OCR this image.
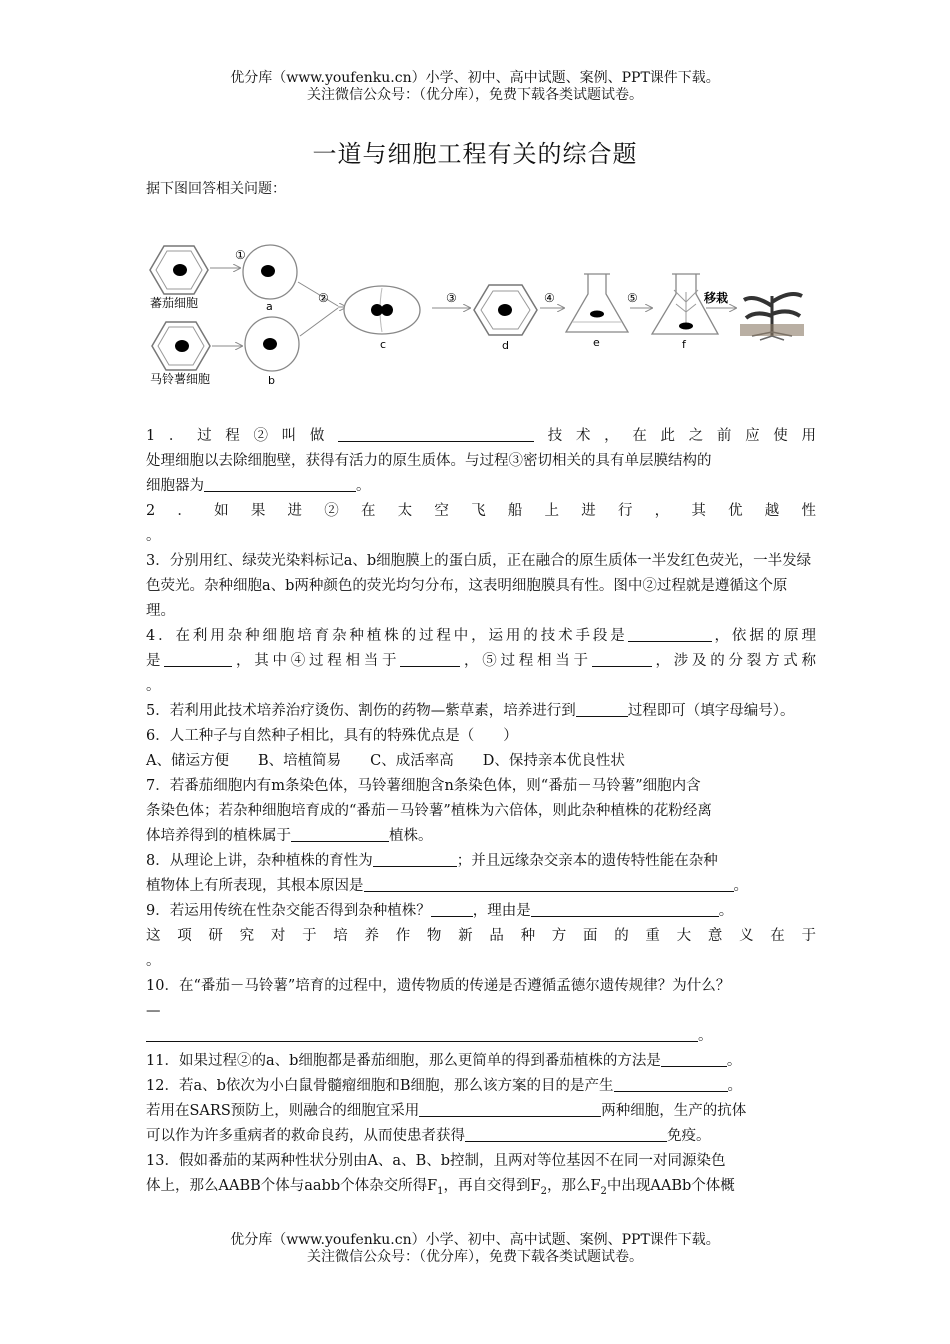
优分库（www.youfenku.cn）小学、初中、高中试题、案例、PPT课件下载。
关注微信公众号：（优分库），免费下载各类试题试卷。
一道与细胞工程有关的综合题
据下图回答相关问题：
蕃茄细胞
马铃薯细胞
①
a
b
②
c
③
d
④
e
⑤
f
移栽

1．过程②叫做	技术，在此之前应使用

处理细胞以去除细胞壁，获得有活力的原生质体。与过程③密切相关的具有单层膜结构的

细胞器为	。

2．如果进②在太空飞船上进行，其优越性

。

3．分别用红、绿荧光染料标记a、b细胞膜上的蛋白质，正在融合的原生质体一半发红色荧光，一半发绿色荧光。杂种细胞a、b两种颜色的荧光均匀分布，这表明细胞膜具有性。图中②过程就是遵循这个原理。

4．在利用杂种细胞培育杂种植株的过程中，运用的技术手段是	，依据的原理

是	，其中④过程相当于	，⑤过程相当于	，涉及的分裂方式称

。

5．若利用此技术培养治疗烫伤、割伤的药物—紫草素，培养进行到	过程即可（填字母编号）。

6．人工种子与自然种子相比，具有的特殊优点是（　　）

A、储运方便　　B、培植简易　　C、成活率高　　D、保持亲本优良性状

7．若番茄细胞内有m条染色体，马铃薯细胞含n条染色体，则“番茄－马铃薯”细胞内含

条染色体；若杂种细胞培育成的“番茄－马铃薯”植株为六倍体，则此杂种植株的花粉经离

体培养得到的植株属于	植株。

8．从理论上讲，杂种植株的育性为	；并且远缘杂交亲本的遗传特性能在杂种

植物体上有所表现，其根本原因是	。

9．若运用传统在性杂交能否得到杂种植株？	，理由是	。

这项研究对于培养作物新品种方面的重大意义在于

。

10．在“番茄－马铃薯”培育的过程中，遗传物质的传递是否遵循孟德尔遗传规律？为什么？

—

。

11．如果过程②的a、b细胞都是番茄细胞，那么更简单的得到番茄植株的方法是	。

12．若a、b依次为小白鼠骨髓瘤细胞和B细胞，那么该方案的目的是产生	。

若用在SARS预防上，则融合的细胞宜采用	两种细胞，生产的抗体

可以作为许多重病者的救命良药，从而使患者获得	免疫。

13．假如番茄的某两种性状分别由A、a、B、b控制，且两对等位基因不在同一对同源染色

体上，那么AABB个体与aabb个体杂交所得$F_1$，再自交得到$F_2$，那么$F_2$中出现AABb个体概

优分库（www.youfenku.cn）小学、初中、高中试题、案例、PPT课件下载。
关注微信公众号：（优分库），免费下载各类试题试卷。
